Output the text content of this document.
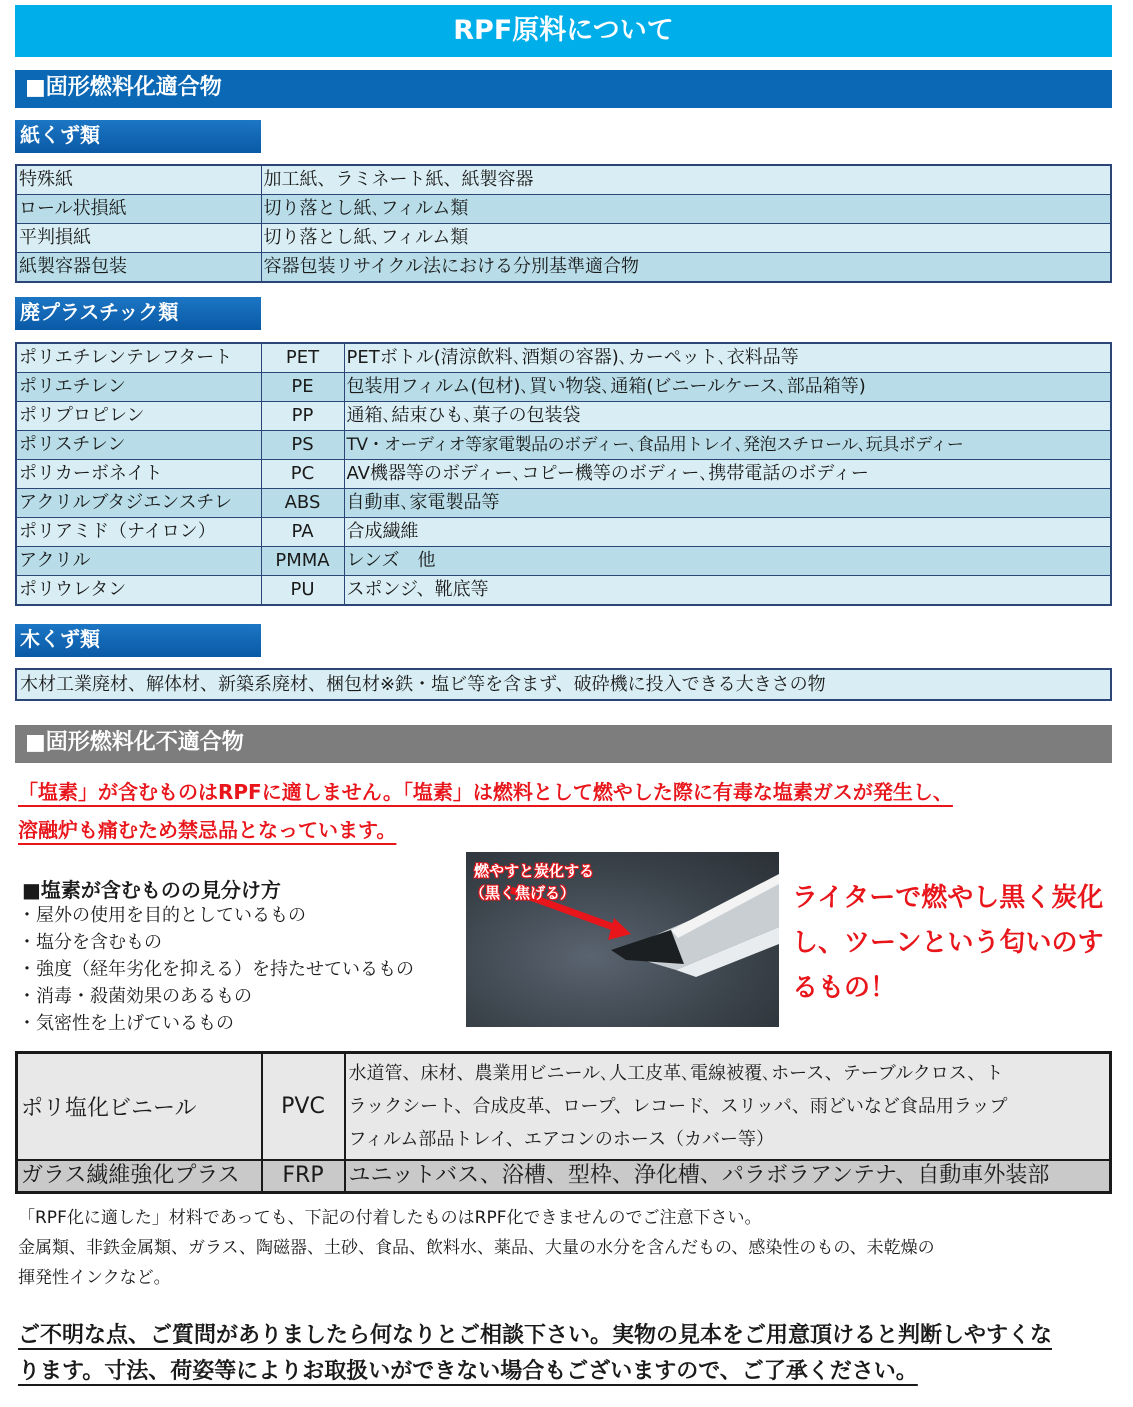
RPF原料について
■固形燃料化適合物
紙くず類
特殊紙	加工紙、ラミネート紙、紙製容器
ロール状損紙	切り落とし紙､フィルム類
平判損紙	切り落とし紙､フィルム類
紙製容器包装	容器包装リサイクル法における分別基準適合物
廃プラスチック類
ポリエチレンテレフタート	PET	PETボトル(清涼飲料､酒類の容器)､カーペット､衣料品等
ポリエチレン	PE	包装用フィルム(包材)､買い物袋､通箱(ビニールケース､部品箱等)
ポリプロピレン	PP	通箱､結束ひも､菓子の包装袋
ポリスチレン	PS	TV・オーディオ等家電製品のボディー､食品用トレイ､発泡スチロール､玩具ボディー
ポリカーボネイト	PC	AV機器等のボディー､コピー機等のボディー､携帯電話のボディー
アクリルブタジエンスチレ	ABS	自動車､家電製品等
ポリアミド（ナイロン）	PA	合成繊維
アクリル	PMMA	レンズ　他
ポリウレタン	PU	スポンジ、靴底等
木くず類
木材工業廃材、解体材、新築系廃材、梱包材※鉄・塩ビ等を含まず、破砕機に投入できる大きさの物
■固形燃料化不適合物
「塩素」が含むものはRPFに適しません。「塩素」は燃料として燃やした際に有毒な塩素ガスが発生し、
溶融炉も痛むため禁忌品となっています。
■塩素が含むものの見分け方
・屋外の使用を目的としているもの
・塩分を含むもの
・強度（経年劣化を抑える）を持たせているもの
・消毒・殺菌効果のあるもの
・気密性を上げているもの
燃やすと炭化する
（黒く焦げる）	ライターで燃やし黒く炭化
し、ツーンという匂いのす
るもの！
ポリ塩化ビニール	PVC	水道管、床材、農業用ビニール､人工皮革､電線被覆､ホース、テーブルクロス、ト
ラックシート、合成皮革、ロープ、レコード、スリッパ、雨どいなど食品用ラップ
フィルム部品トレイ、エアコンのホース（カバー等）

ガラス繊維強化プラス	FRP	ユニットバス、浴槽、型枠、浄化槽、パラボラアンテナ、自動車外装部
「RPF化に適した」材料であっても、下記の付着したものはRPF化できませんのでご注意下さい。
金属類、非鉄金属類、ガラス、陶磁器、土砂、食品、飲料水、薬品、大量の水分を含んだもの、感染性のもの、未乾燥の
揮発性インクなど。
ご不明な点、ご質問がありましたら何なりとご相談下さい。実物の見本をご用意頂けると判断しやすくな
ります。寸法、荷姿等によりお取扱いができない場合もございますので、ご了承ください。
